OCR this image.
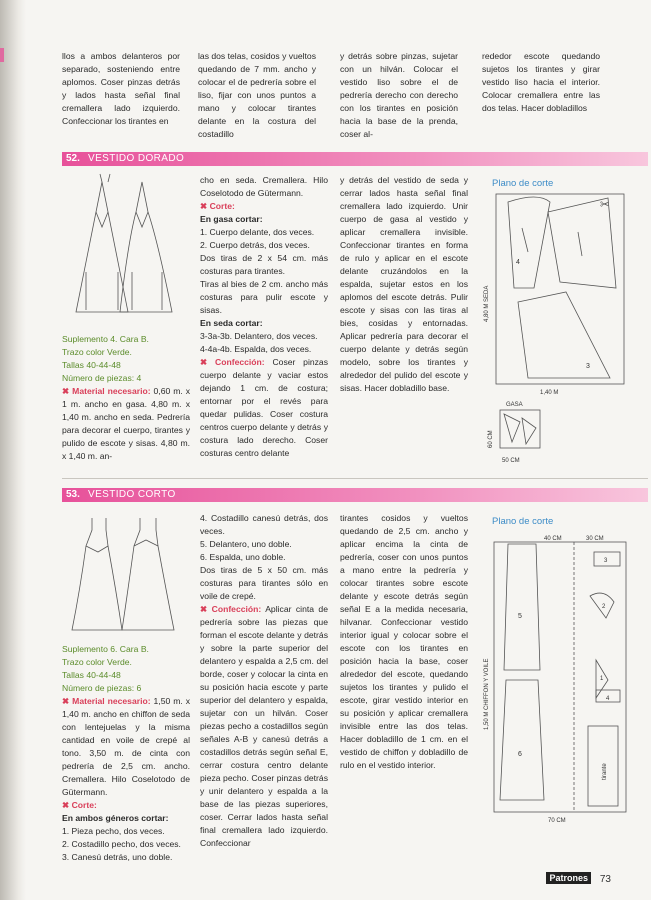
llos a ambos delanteros por separado, sosteniendo entre aplomos. Coser pinzas detrás y lados hasta señal final cremallera lado izquierdo. Confeccionar los tirantes en
las dos telas, cosidos y vueltos quedando de 7 mm. ancho y colocar el de pedrería sobre el liso, fijar con unos puntos a mano y colocar tirantes delante en la costura del costadillo
y detrás sobre pinzas, sujetar con un hilván. Colocar el vestido liso sobre el de pedrería derecho con derecho con los tirantes en posición hacia la base de la prenda, coser al-
rededor escote quedando sujetos los tirantes y girar vestido liso hacia el interior. Colocar cremallera entre las dos telas. Hacer dobladillos
52. VESTIDO DORADO

Suplemento 4. Cara B.

Trazo color Verde.

Tallas 40-44-48

Número de piezas: 4

✖ Material necesario: 0,60 m. x 1 m. ancho en gasa. 4,80 m. x 1,40 m. ancho en seda. Pedrería para decorar el cuerpo, tirantes y pulido de escote y sisas. 4,80 m. x 1,40 m. an-

cho en seda. Cremallera. Hilo Coselotodo de Gütermann.

✖ Corte:

En gasa cortar:

1. Cuerpo delante, dos veces.

2. Cuerpo detrás, dos veces.

Dos tiras de 2 x 54 cm. más costuras para tirantes.

Tiras al bies de 2 cm. ancho más costuras para pulir escote y sisas.

En seda cortar:

3-3a-3b. Delantero, dos veces.

4-4a-4b. Espalda, dos veces.

✖ Confección: Coser pinzas cuerpo delante y vaciar estos dejando 1 cm. de costura; entornar por el revés para quedar pulidas. Coser costura centros cuerpo delante y detrás y costura lado derecho. Coser costuras centro delante

y detrás del vestido de seda y cerrar lados hasta señal final cremallera lado izquierdo. Unir cuerpo de gasa al vestido y aplicar cremallera invisible. Confeccionar tirantes en forma de rulo y aplicar en el escote delante cruzándolos en la espalda, sujetar estos en los aplomos del escote detrás. Pulir escote y sisas con las tiras al bies, cosidas y entornadas. Aplicar pedrería para decorar el cuerpo delante y detrás según modelo, sobre los tirantes y alrededor del pulido del escote y sisas. Hacer dobladillo base.
Plano de corte
4
3
4,80 M SEDA
1,40 M
GASA
60 CM
50 CM
✂
53. VESTIDO CORTO

Suplemento 6. Cara B.

Trazo color Verde.

Tallas 40-44-48

Número de piezas: 6

✖ Material necesario: 1,50 m. x 1,40 m. ancho en chiffon de seda con lentejuelas y la misma cantidad en voile de crepé al tono. 3,50 m. de cinta con pedrería de 2,5 cm. ancho. Cremallera. Hilo Coselotodo de Gütermann.

✖ Corte:

En ambos géneros cortar:

1. Pieza pecho, dos veces.

2. Costadillo pecho, dos veces.

3. Canesú detrás, uno doble.

4. Costadillo canesú detrás, dos veces.

5. Delantero, uno doble.

6. Espalda, uno doble.

Dos tiras de 5 x 50 cm. más costuras para tirantes sólo en voile de crepé.

✖ Confección: Aplicar cinta de pedrería sobre las piezas que forman el escote delante y detrás y sobre la parte superior del delantero y espalda a 2,5 cm. del borde, coser y colocar la cinta en su posición hacia escote y parte superior del delantero y espalda, sujetar con un hilván. Coser piezas pecho a costadillos según señales A-B y canesú detrás a costadillos detrás según señal E, cerrar costura centro delante pieza pecho. Coser pinzas detrás y unir delantero y espalda a la base de las piezas superiores, coser. Cerrar lados hasta señal final cremallera lado izquierdo. Confeccionar

tirantes cosidos y vueltos quedando de 2,5 cm. ancho y aplicar encima la cinta de pedrería, coser con unos puntos a mano entre la pedrería y colocar tirantes sobre escote delante y escote detrás según señal E a la medida necesaria, hilvanar. Confeccionar vestido interior igual y colocar sobre el escote con los tirantes en posición hacia la base, coser alrededor del escote, quedando sujetos los tirantes y pulido el escote, girar vestido interior en su posición y aplicar cremallera invisible entre las dos telas. Hacer dobladillo de 1 cm. en el vestido de chiffon y dobladillo de rulo en el vestido interior.
Plano de corte
40 CM	30 CM
1,50 M CHIFFON Y VOILE
70 CM
5
6
3
2
1
4
tirante
Patrones	73
